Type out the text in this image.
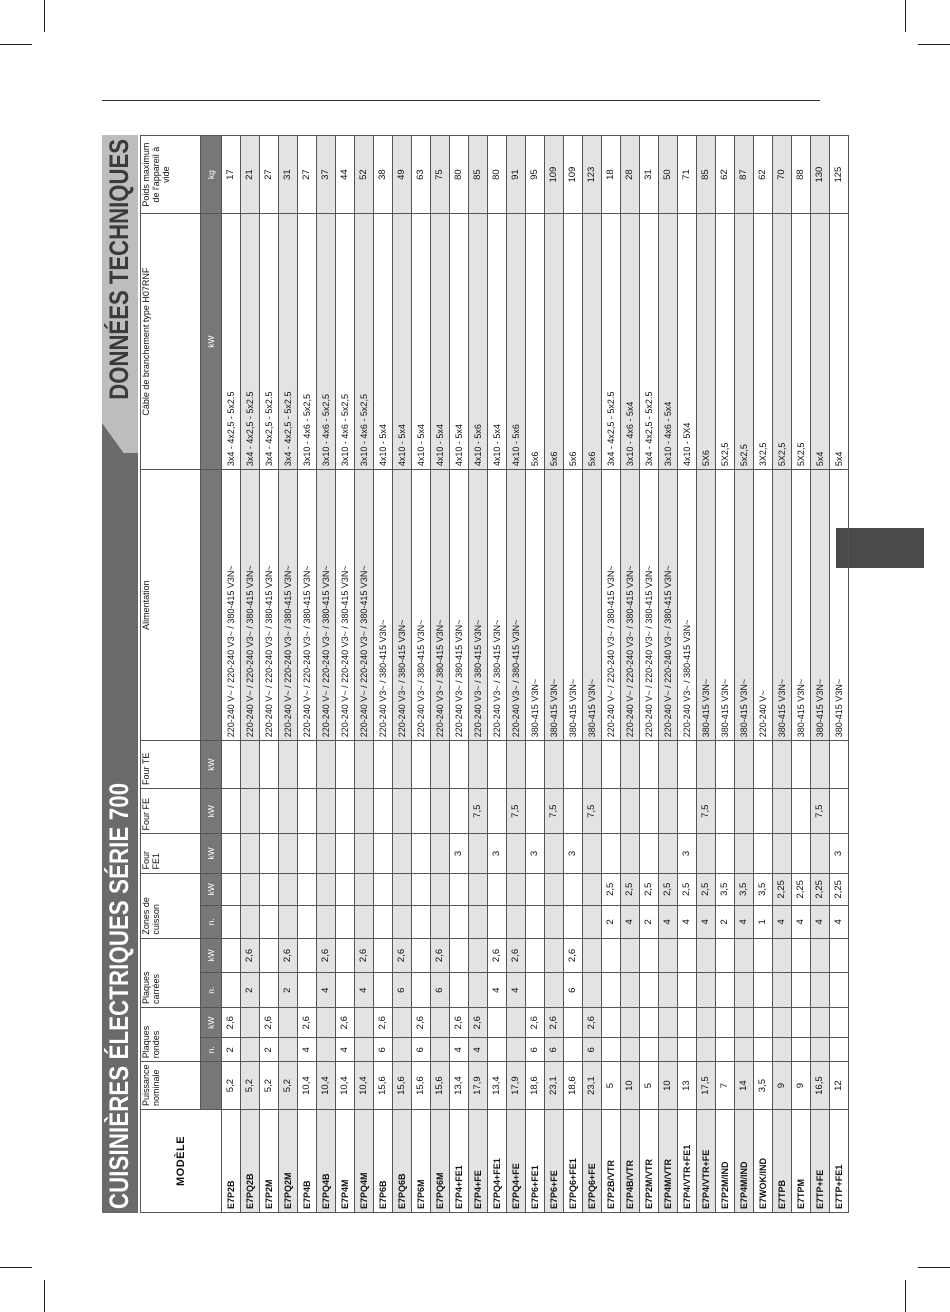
CUISINIÈRES ÉLECTRIQUES SÉRIE 700
DONNÉES TECHNIQUES
MODÈLE	Puissance nominale	Plaques rondes		Plaques carrées		Zones de cuisson		Four FE1	Four FE	Four TE	Alimentation	Câble de branchement type H07RNF	Poids maximum de l'appareil à vide
		n.	kW	n.	kW	n.	kW	kW	kW	kW		kW	kg
E7P2B	5,2	2	2,6								220-240 V~ / 220-240 V3~ / 380-415 V3N~	3x4 - 4x2,5 - 5x2.5	17
E7PQ2B	5,2			2	2,6						220-240 V~ / 220-240 V3~ / 380-415 V3N~	3x4 - 4x2,5 - 5x2.5	21
E7P2M	5,2	2	2,6								220-240 V~ / 220-240 V3~ / 380-415 V3N~	3x4 - 4x2,5 - 5x2.5	27
E7PQ2M	5,2			2	2,6						220-240 V~ / 220-240 V3~ / 380-415 V3N~	3x4 - 4x2,5 - 5x2.5	31
E7P4B	10,4	4	2,6								220-240 V~ / 220-240 V3~ / 380-415 V3N~	3x10 - 4x6 - 5x2,5	27
E7PQ4B	10,4			4	2,6						220-240 V~ / 220-240 V3~ / 380-415 V3N~	3x10 - 4x6 - 5x2,5	37
E7P4M	10,4	4	2,6								220-240 V~ / 220-240 V3~ / 380-415 V3N~	3x10 - 4x6 - 5x2,5	44
E7PQ4M	10,4			4	2,6						220-240 V~ / 220-240 V3~ / 380-415 V3N~	3x10 - 4x6 - 5x2,5	52
E7P6B	15,6	6	2,6								220-240 V3~ / 380-415 V3N~	4x10 - 5x4	38
E7PQ6B	15,6			6	2,6						220-240 V3~ / 380-415 V3N~	4x10 - 5x4	49
E7P6M	15,6	6	2,6								220-240 V3~ / 380-415 V3N~	4x10 - 5x4	63
E7PQ6M	15,6			6	2,6						220-240 V3~ / 380-415 V3N~	4x10 - 5x4	75
E7P4+FE1	13,4	4	2,6					3			220-240 V3~ / 380-415 V3N~	4x10 - 5x4	80
E7P4+FE	17,9	4	2,6						7,5		220-240 V3~ / 380-415 V3N~	4x10 - 5x6	85
E7PQ4+FE1	13,4			4	2,6			3			220-240 V3~ / 380-415 V3N~	4x10 - 5x4	80
E7PQ4+FE	17,9			4	2,6				7,5		220-240 V3~ / 380-415 V3N~	4x10 - 5x6	91
E7P6+FE1	18,6	6	2,6					3			380-415 V3N~	5x6	95
E7P6+FE	23,1	6	2,6						7,5		380-415 V3N~	5x6	109
E7PQ6+FE1	18,6			6	2,6			3			380-415 V3N~	5x6	109
E7PQ6+FE	23,1	6	2,6						7,5		380-415 V3N~	5x6	123
E7P2B/VTR	5					2	2,5				220-240 V~ / 220-240 V3~ / 380-415 V3N~	3x4 - 4x2,5 - 5x2.5	18
E7P4B/VTR	10					4	2,5				220-240 V~ / 220-240 V3~ / 380-415 V3N~	3x10 - 4x6 - 5x4	28
E7P2M/VTR	5					2	2,5				220-240 V~ / 220-240 V3~ / 380-415 V3N~	3x4 - 4x2,5 - 5x2.5	31
E7P4M/VTR	10					4	2,5				220-240 V~ / 220-240 V3~ / 380-415 V3N~	3x10 - 4x6 - 5x4	50
E7P4/VTR+FE1	13					4	2,5	3			220-240 V3~ / 380-415 V3N~	4x10 - 5X4	71
E7P4/VTR+FE	17,5					4	2,5		7,5		380-415 V3N~	5X6	85
E7P2M/IND	7					2	3,5				380-415 V3N~	5X2,5	62
E7P4M/IND	14					4	3,5				380-415 V3N~	5x2,5	87
E7WOK/IND	3,5					1	3,5				220-240 V~	3X2,5	62
E7TPB	9					4	2,25				380-415 V3N~	5X2,5	70
E7TPM	9					4	2,25				380-415 V3N~	5X2,5	88
E7TP+FE	16,5					4	2,25		7,5		380-415 V3N~	5x4	130
E7TP+FE1	12					4	2,25	3			380-415 V3N~	5x4	125
